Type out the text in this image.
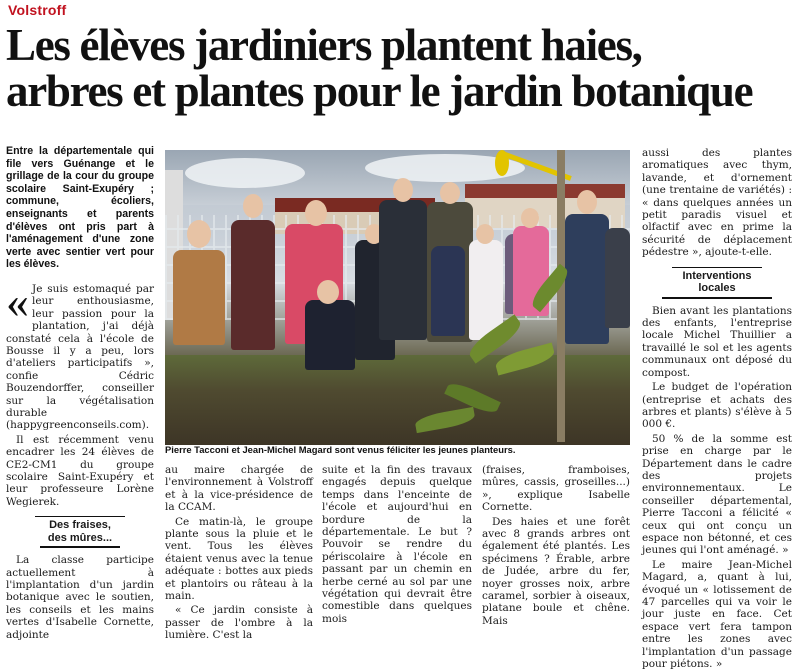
Volstroff
Les élèves jardiniers plantent haies,
arbres et plantes pour le jardin botanique
Entre la départementale qui file vers Guénange et le grillage de la cour du groupe scolaire Saint-Exupéry ; commune, écoliers, enseignants et parents d'élèves ont pris part à l'aménagement d'une zone verte avec sentier vert pour les élèves.
« Je suis estomaqué par leur enthousiasme, leur passion pour la plantation, j'ai déjà constaté cela à l'école de Bousse il y a peu, lors d'ateliers participatifs », confie Cédric Bouzendorffer, conseiller sur la végétalisation durable (happygreenconseils.com).
Il est récemment venu encadrer les 24 élèves de CE2-CM1 du groupe scolaire Saint-Exupéry et leur professeure Lorène Wegierek.
Des fraises, des mûres...
La classe participe actuellement à l'implantation d'un jardin botanique avec le soutien, les conseils et les mains vertes d'Isabelle Cornette, adjointe
Pierre Tacconi et Jean-Michel Magard sont venus féliciter les jeunes planteurs.
au maire chargée de l'environnement à Volstroff et à la vice-présidence de la CCAM.
Ce matin-là, le groupe plante sous la pluie et le vent. Tous les élèves étaient venus avec la tenue adéquate : bottes aux pieds et plantoirs ou râteau à la main.
« Ce jardin consiste à passer de l'ombre à la lumière. C'est la
suite et la fin des travaux engagés depuis quelque temps dans l'enceinte de l'école et aujourd'hui en bordure de la départementale. Le but ? Pouvoir se rendre du périscolaire à l'école en passant par un chemin en herbe cerné au sol par une végétation qui devrait être comestible dans quelques mois
(fraises, framboises, mûres, cassis, groseilles...) », explique Isabelle Cornette.
Des haies et une forêt avec 8 grands arbres ont également été plantés. Les spécimens ? Érable, arbre de Judée, arbre du fer, noyer grosses noix, arbre caramel, sorbier à oiseaux, platane boule et chêne. Mais
aussi des plantes aromatiques avec thym, lavande, et d'ornement (une trentaine de variétés) : « dans quelques années un petit paradis visuel et olfactif avec en prime la sécurité de déplacement pédestre », ajoute-t-elle.
Interventions locales
Bien avant les plantations des enfants, l'entreprise locale Michel Thuillier a travaillé le sol et les agents communaux ont déposé du compost.
Le budget de l'opération (entreprise et achats des arbres et plants) s'élève à 5 000 €.
50 % de la somme est prise en charge par le Département dans le cadre des projets environnementaux. Le conseiller départemental, Pierre Tacconi a félicité « ceux qui ont conçu un espace non bétonné, et ces jeunes qui l'ont aménagé. »
Le maire Jean-Michel Magard, a, quant à lui, évoqué un « lotissement de 47 parcelles qui va voir le jour juste en face. Cet espace vert fera tampon entre les zones avec l'implantation d'un passage pour piétons. »
